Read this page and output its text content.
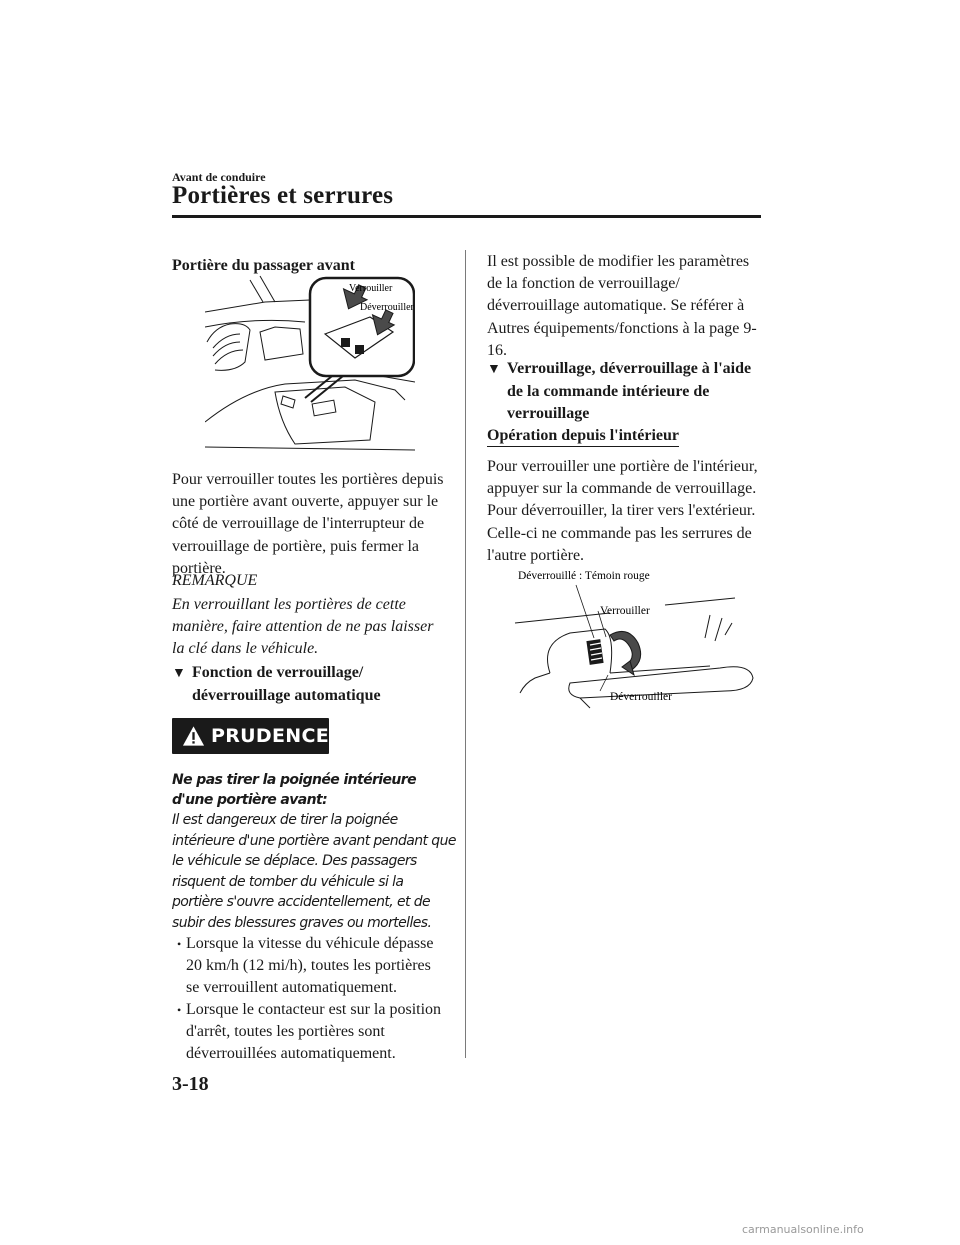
Avant de conduire
Portières et serrures
Portière du passager avant
Verrouiller
Déverrouiller
Pour verrouiller toutes les portières depuis une portière avant ouverte, appuyer sur le côté de verrouillage de l'interrupteur de verrouillage de portière, puis fermer la portière.
REMARQUE
En verrouillant les portières de cette manière, faire attention de ne pas laisser la clé dans le véhicule.
▼ Fonction de verrouillage/
déverrouillage automatique
PRUDENCE
Ne pas tirer la poignée intérieure d'une portière avant:
Il est dangereux de tirer la poignée intérieure d'une portière avant pendant que le véhicule se déplace. Des passagers risquent de tomber du véhicule si la portière s'ouvre accidentellement, et de subir des blessures graves ou mortelles.
• Lorsque la vitesse du véhicule dépasse 20 km/h (12 mi/h), toutes les portières se verrouillent automatiquement.
• Lorsque le contacteur est sur la position d'arrêt, toutes les portières sont déverrouillées automatiquement.
Il est possible de modifier les paramètres de la fonction de verrouillage/ déverrouillage automatique. Se référer à Autres équipements/fonctions à la page 9-16.
▼ Verrouillage, déverrouillage à l'aide
de la commande intérieure de
verrouillage
Opération depuis l'intérieur
Pour verrouiller une portière de l'intérieur, appuyer sur la commande de verrouillage. Pour déverrouiller, la tirer vers l'extérieur. Celle-ci ne commande pas les serrures de l'autre portière.
Déverrouillé : Témoin rouge
Verrouiller
Déverrouiller
3-18
carmanualsonline.info
